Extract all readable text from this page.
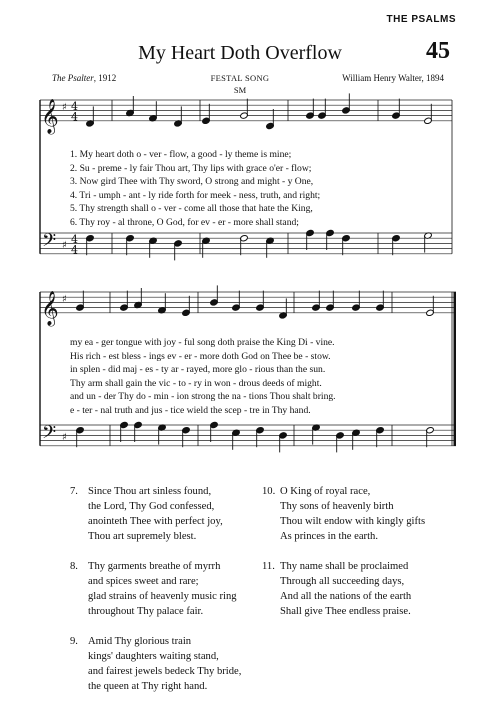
THE PSALMS
My Heart Doth Overflow	45
The Psalter, 1912	FESTAL SONG
SM
William Henry Walter, 1894
𝄞
𝄢
♯
♯
4
4
4
4
𝄞
𝄢
♯
♯
1. My heart doth o - ver - flow, a good - ly theme is mine;
2. Su - preme - ly fair Thou art, Thy lips with grace o'er - flow;
3. Now gird Thee with Thy sword, O strong and might - y One,
4. Tri - umph - ant - ly ride forth for meek - ness, truth, and right;
5. Thy strength shall o - ver - come all those that hate the King,
6. Thy roy - al throne, O God, for ev - er - more shall stand;
my ea - ger tongue with joy - ful song doth praise the King Di - vine.
His rich - est bless - ings ev - er - more doth God on Thee be - stow.
in splen - did maj - es - ty ar - rayed, more glo - rious than the sun.
Thy arm shall gain the vic - to - ry in won - drous deeds of might.
and un - der Thy do - min - ion strong the na - tions Thou shalt bring.
e - ter - nal truth and jus - tice wield the scep - tre in Thy hand.
7. Since Thou art sinless found,
the Lord, Thy God confessed,
anointeth Thee with perfect joy,
Thou art supremely blest.
8. Thy garments breathe of myrrh
and spices sweet and rare;
glad strains of heavenly music ring
throughout Thy palace fair.
9. Amid Thy glorious train
kings' daughters waiting stand,
and fairest jewels bedeck Thy bride,
the queen at Thy right hand.
10. O King of royal race,
Thy sons of heavenly birth
Thou wilt endow with kingly gifts
As princes in the earth.
11. Thy name shall be proclaimed
Through all succeeding days,
And all the nations of the earth
Shall give Thee endless praise.
